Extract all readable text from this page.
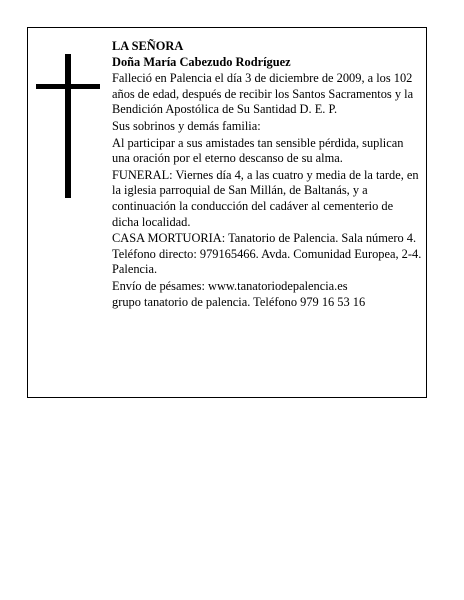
LA SEÑORA

Doña María Cabezudo Rodríguez

Falleció en Palencia el día 3 de diciembre de 2009, a los 102 años de edad, después de recibir los Santos Sacramentos y la Bendición Apostólica de Su Santidad D. E. P.

Sus sobrinos y demás familia:

Al participar a sus amistades tan sensible pérdida, suplican una oración por el eterno descanso de su alma.

FUNERAL: Viernes día 4, a las cuatro y media de la tarde, en la iglesia parroquial de San Millán, de Baltanás, y a continuación la conducción del cadáver al cementerio de dicha localidad.

CASA MORTUORIA: Tanatorio de Palencia. Sala número 4. Teléfono directo: 979165466. Avda. Comunidad Europea, 2-4. Palencia.

Envío de pésames: www.tanatoriodepalencia.es

grupo tanatorio de palencia. Teléfono 979 16 53 16
